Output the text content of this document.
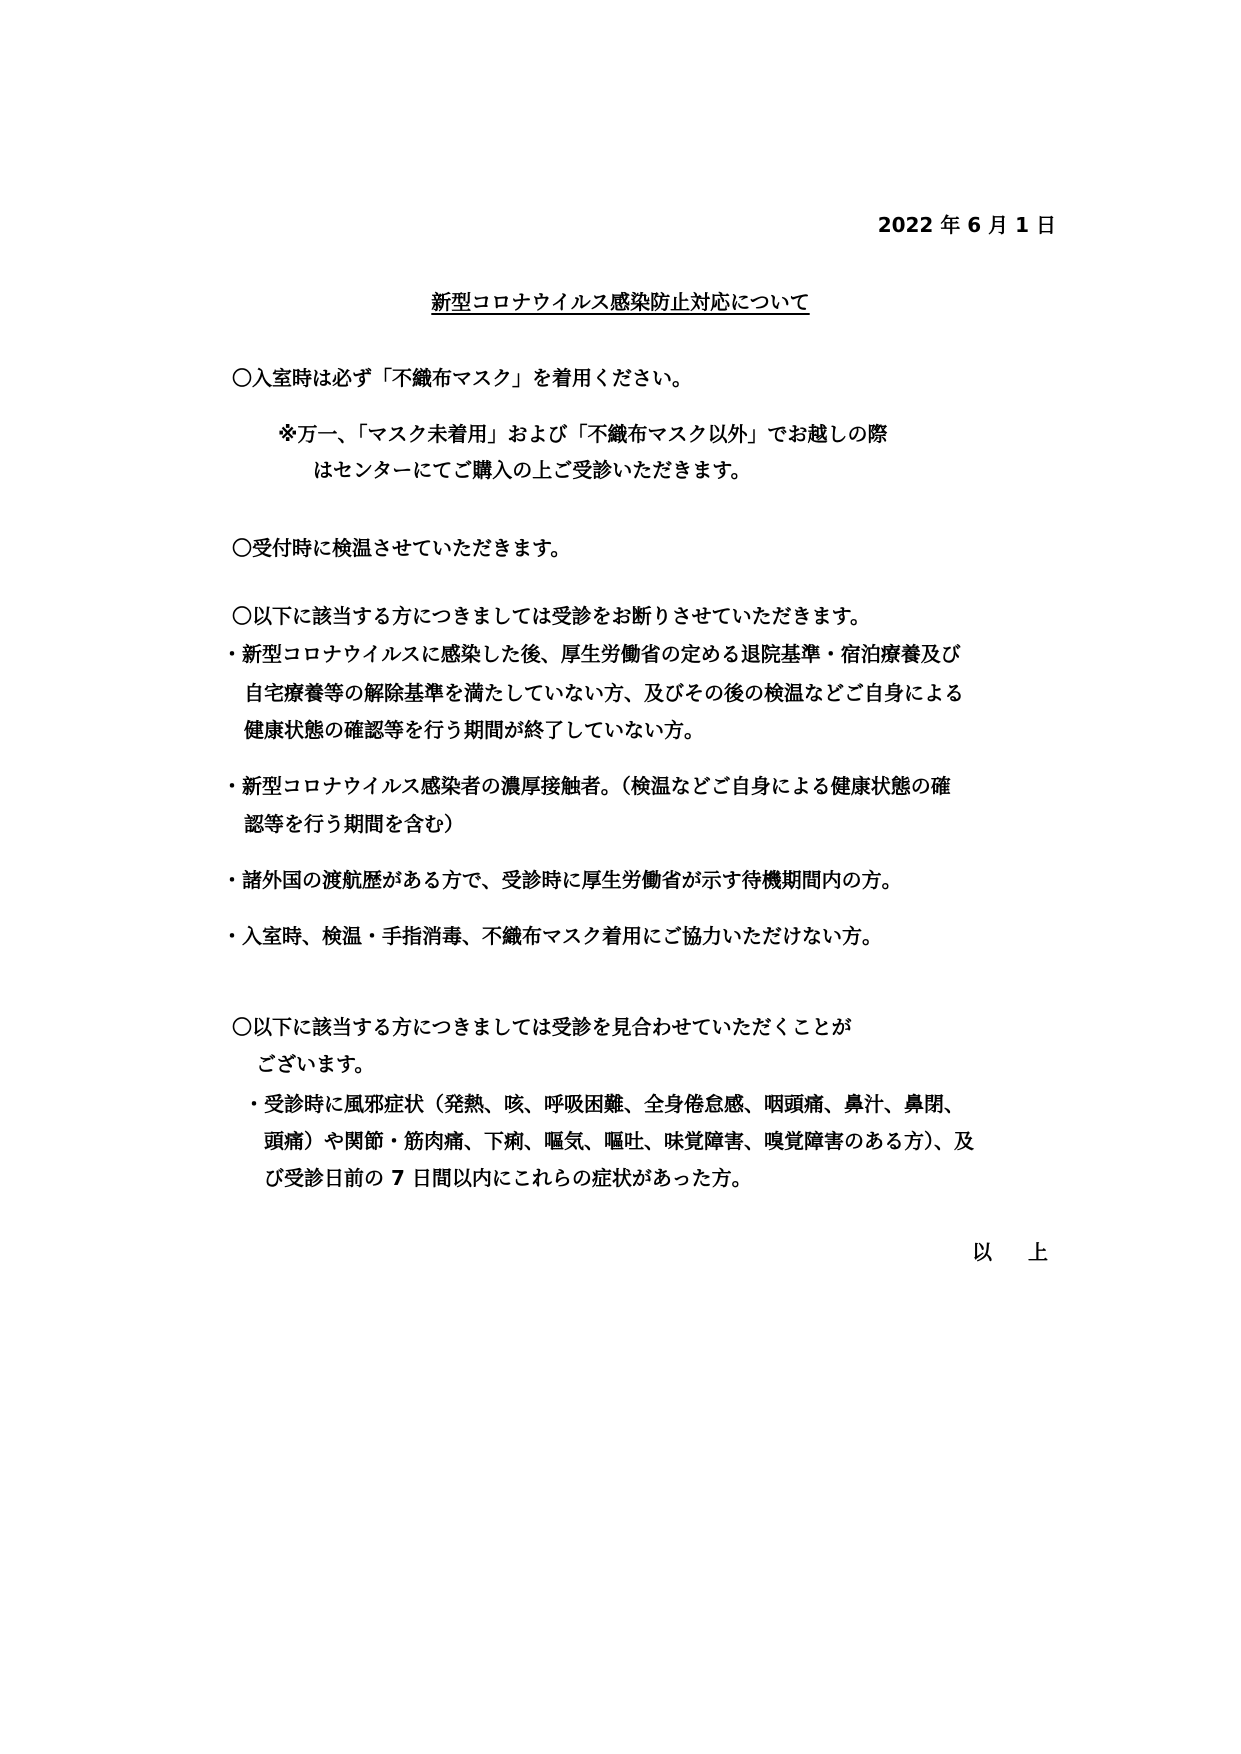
2022 年 6 月 1 日
新型コロナウイルス感染防止対応について
〇入室時は必ず「不織布マスク」を着用ください。
※万一、「マスク未着用」および「不織布マスク以外」でお越しの際
はセンターにてご購入の上ご受診いただきます。
〇受付時に検温させていただきます。
〇以下に該当する方につきましては受診をお断りさせていただきます。
・新型コロナウイルスに感染した後、厚生労働省の定める退院基準・宿泊療養及び
自宅療養等の解除基準を満たしていない方、及びその後の検温などご自身による
健康状態の確認等を行う期間が終了していない方。
・新型コロナウイルス感染者の濃厚接触者。（検温などご自身による健康状態の確
認等を行う期間を含む）
・諸外国の渡航歴がある方で、受診時に厚生労働省が示す待機期間内の方。
・入室時、検温・手指消毒、不織布マスク着用にご協力いただけない方。
〇以下に該当する方につきましては受診を見合わせていただくことが
ございます。
・受診時に風邪症状（発熱、咳、呼吸困難、全身倦怠感、咽頭痛、鼻汁、鼻閉、
頭痛）や関節・筋肉痛、下痢、嘔気、嘔吐、味覚障害、嗅覚障害のある方）、及
び受診日前の 7 日間以内にこれらの症状があった方。
以　上
